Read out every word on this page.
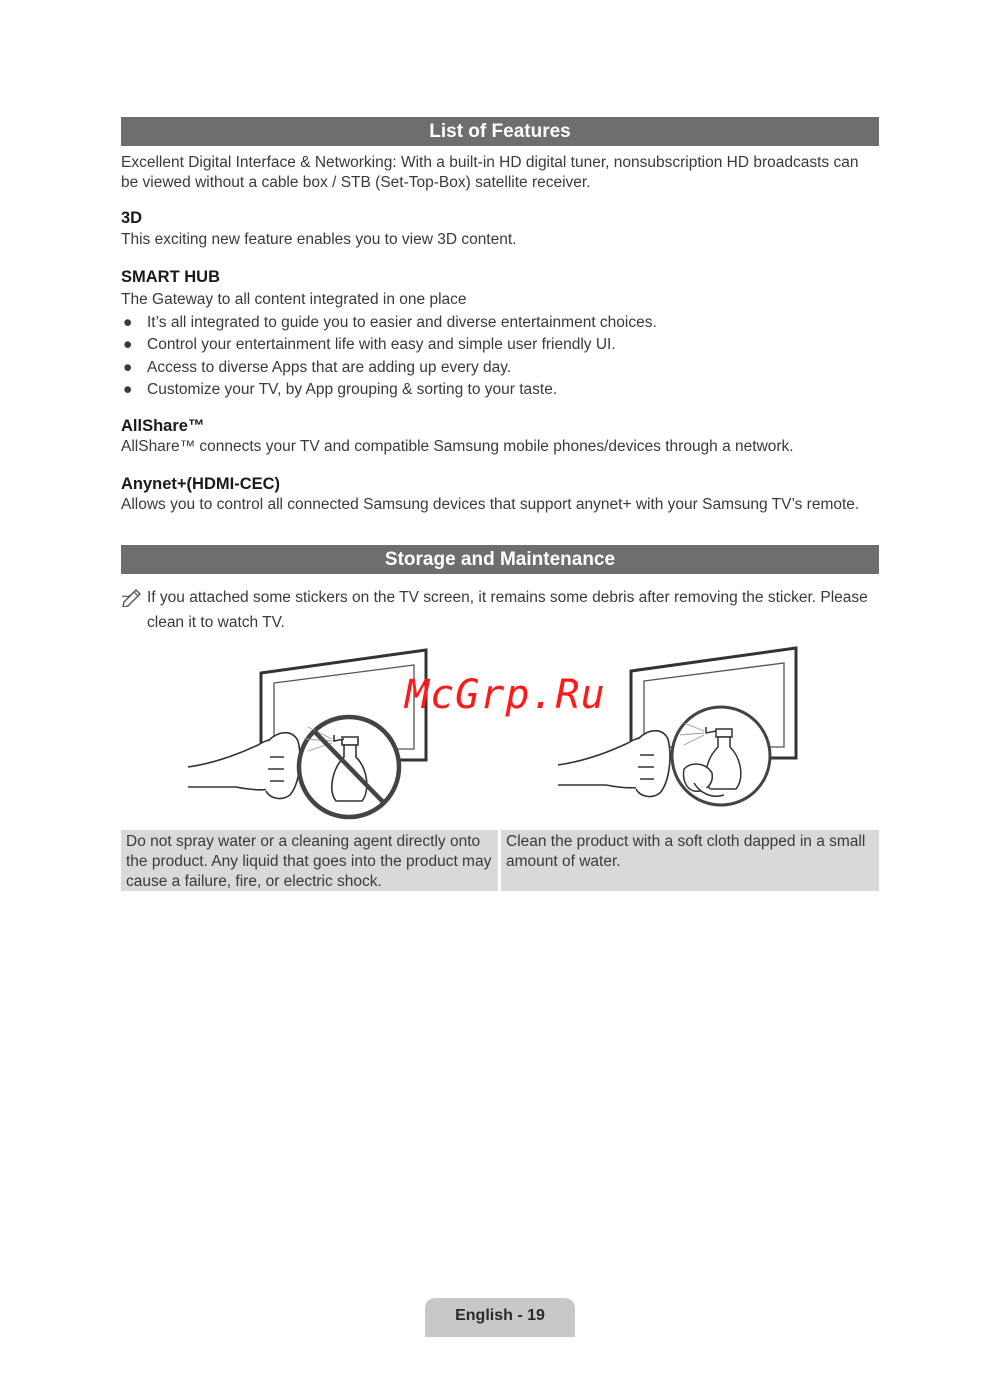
List of Features

Excellent Digital Interface & Networking: With a built-in HD digital tuner, nonsubscription HD broadcasts can be viewed without a cable box / STB (Set-Top-Box) satellite receiver.

3D

This exciting new feature enables you to view 3D content.

SMART HUB

The Gateway to all content integrated in one place

● It’s all integrated to guide you to easier and diverse entertainment choices.
● Control your entertainment life with easy and simple user friendly UI.
● Access to diverse Apps that are adding up every day.
● Customize your TV, by App grouping & sorting to your taste.

AllShare™

AllShare™ connects your TV and compatible Samsung mobile phones/devices through a network.

Anynet+(HDMI-CEC)

Allows you to control all connected Samsung devices that support anynet+ with your Samsung TV’s remote.

Storage and Maintenance
If you attached some stickers on the TV screen, it remains some debris after removing the sticker. Please clean it to watch TV.
McGrp.Ru
Do not spray water or a cleaning agent directly onto the product. Any liquid that goes into the product may cause a failure, fire, or electric shock.
Clean the product with a soft cloth dapped in a small amount of water.
English - 19
